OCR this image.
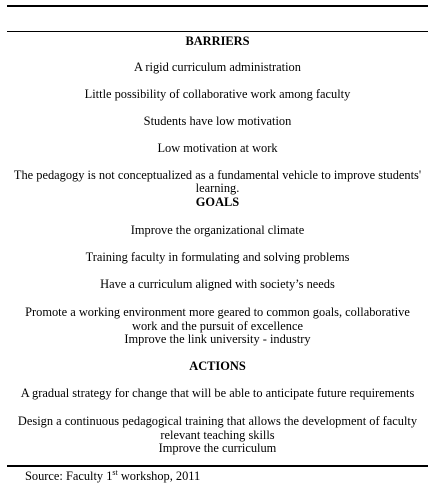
BARRIERS
A rigid curriculum administration
Little possibility of collaborative work among faculty
Students have low motivation
Low motivation at work
The pedagogy is not conceptualized as a fundamental vehicle to improve students'
learning.
GOALS
Improve the organizational climate
Training faculty in formulating and solving problems
Have a curriculum aligned with society’s needs
Promote a working environment more geared to common goals, collaborative
work and the pursuit of excellence
Improve the link university - industry
ACTIONS
A gradual strategy for change that will be able to anticipate future requirements
Design a continuous pedagogical training that allows the development of faculty
relevant teaching skills
Improve the curriculum
Source: Faculty 1st workshop, 2011
